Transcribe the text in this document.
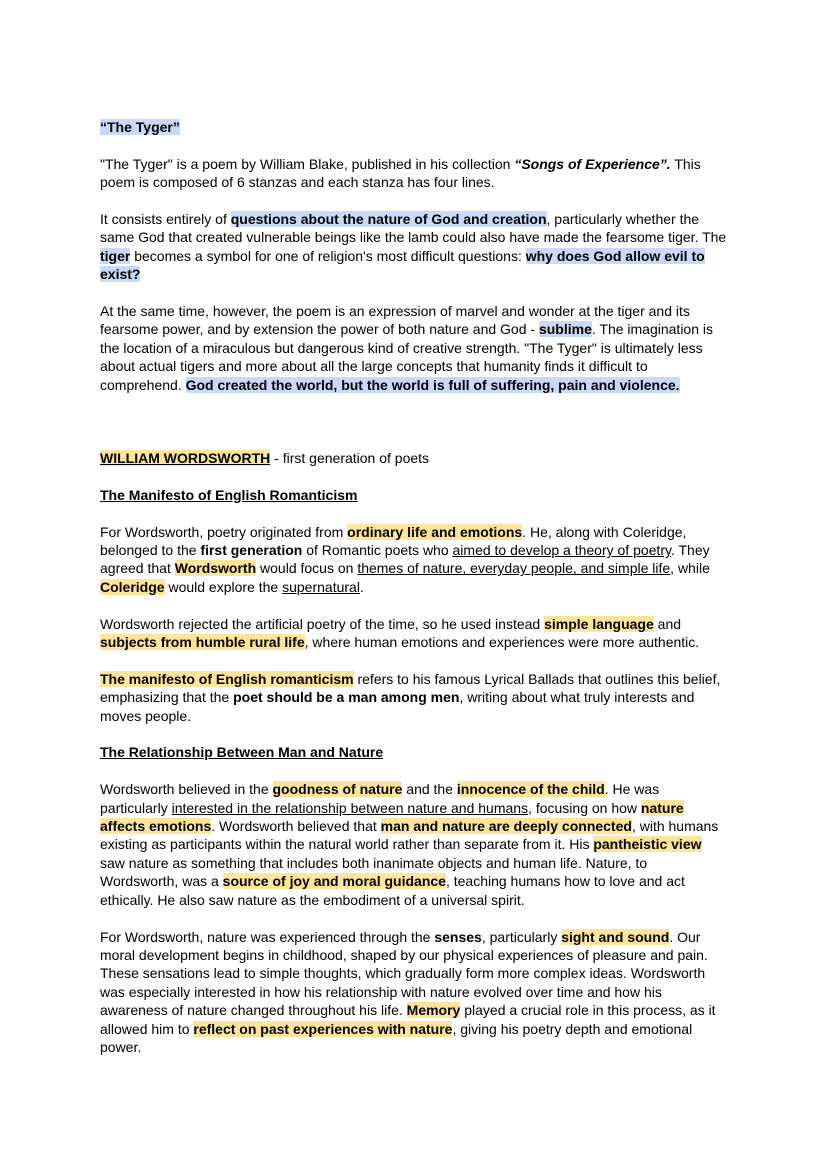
“The Tyger”

"The Tyger" is a poem by William Blake, published in his collection “Songs of Experience”. This poem is composed of 6 stanzas and each stanza has four lines.

It consists entirely of questions about the nature of God and creation, particularly whether the same God that created vulnerable beings like the lamb could also have made the fearsome tiger. The tiger becomes a symbol for one of religion's most difficult questions: why does God allow evil to exist?

At the same time, however, the poem is an expression of marvel and wonder at the tiger and its fearsome power, and by extension the power of both nature and God - sublime. The imagination is the location of a miraculous but dangerous kind of creative strength. "The Tyger" is ultimately less about actual tigers and more about all the large concepts that humanity finds it difficult to comprehend. God created the world, but the world is full of suffering, pain and violence.

WILLIAM WORDSWORTH - first generation of poets

The Manifesto of English Romanticism

For Wordsworth, poetry originated from ordinary life and emotions. He, along with Coleridge, belonged to the first generation of Romantic poets who aimed to develop a theory of poetry. They agreed that Wordsworth would focus on themes of nature, everyday people, and simple life, while Coleridge would explore the supernatural.

Wordsworth rejected the artificial poetry of the time, so he used instead simple language and subjects from humble rural life, where human emotions and experiences were more authentic.

The manifesto of English romanticism refers to his famous Lyrical Ballads that outlines this belief, emphasizing that the poet should be a man among men, writing about what truly interests and moves people.

The Relationship Between Man and Nature

Wordsworth believed in the goodness of nature and the innocence of the child. He was particularly interested in the relationship between nature and humans, focusing on how nature affects emotions. Wordsworth believed that man and nature are deeply connected, with humans existing as participants within the natural world rather than separate from it. His pantheistic view saw nature as something that includes both inanimate objects and human life. Nature, to Wordsworth, was a source of joy and moral guidance, teaching humans how to love and act ethically. He also saw nature as the embodiment of a universal spirit.

For Wordsworth, nature was experienced through the senses, particularly sight and sound. Our moral development begins in childhood, shaped by our physical experiences of pleasure and pain. These sensations lead to simple thoughts, which gradually form more complex ideas. Wordsworth was especially interested in how his relationship with nature evolved over time and how his awareness of nature changed throughout his life. Memory played a crucial role in this process, as it allowed him to reflect on past experiences with nature, giving his poetry depth and emotional power.
